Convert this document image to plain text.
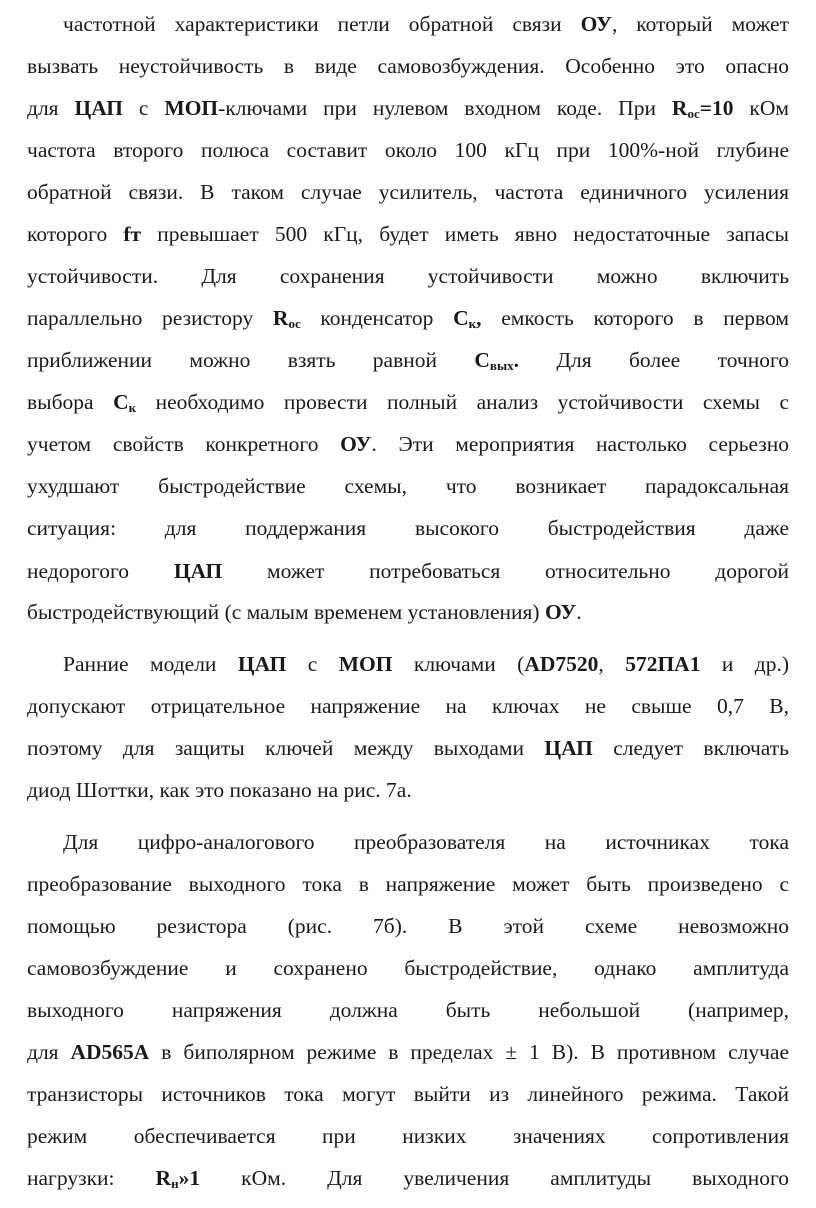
частотной характеристики петли обратной связи ОУ, который может
вызвать неустойчивость в виде самовозбуждения. Особенно это опасно
для ЦАП с МОП-ключами при нулевом входном коде. При $R_{ос}=10$ кОм
частота второго полюса составит около 100 кГц при 100%-ной глубине
обратной связи. В таком случае усилитель, частота единичного усиления
которого fт превышает 500 кГц, будет иметь явно недостаточные запасы
устойчивости. Для сохранения устойчивости можно включить
параллельно резистору $R_{ос}$ конденсатор $С_к$, емкость которого в первом
приближении можно взять равной $С_{вых}$. Для более точного
выбора $С_к$ необходимо провести полный анализ устойчивости схемы с
учетом свойств конкретного ОУ. Эти мероприятия настолько серьезно
ухудшают быстродействие схемы, что возникает парадоксальная
ситуация: для поддержания высокого быстродействия даже
недорогого ЦАП может потребоваться относительно дорогой
быстродействующий (с малым временем установления) ОУ.
Ранние модели ЦАП с МОП ключами (AD7520, 572ПА1 и др.)
допускают отрицательное напряжение на ключах не свыше 0,7 В,
поэтому для защиты ключей между выходами ЦАП следует включать
диод Шоттки, как это показано на рис. 7а.
Для цифро-аналогового преобразователя на источниках тока
преобразование выходного тока в напряжение может быть произведено с
помощью резистора (рис. 7б). В этой схеме невозможно
самовозбуждение и сохранено быстродействие, однако амплитуда
выходного напряжения должна быть небольшой (например,
для AD565A в биполярном режиме в пределах ± 1 В). В противном случае
транзисторы источников тока могут выйти из линейного режима. Такой
режим обеспечивается при низких значениях сопротивления
нагрузки: $R_н»1$ кОм. Для увеличения амплитуды выходного
